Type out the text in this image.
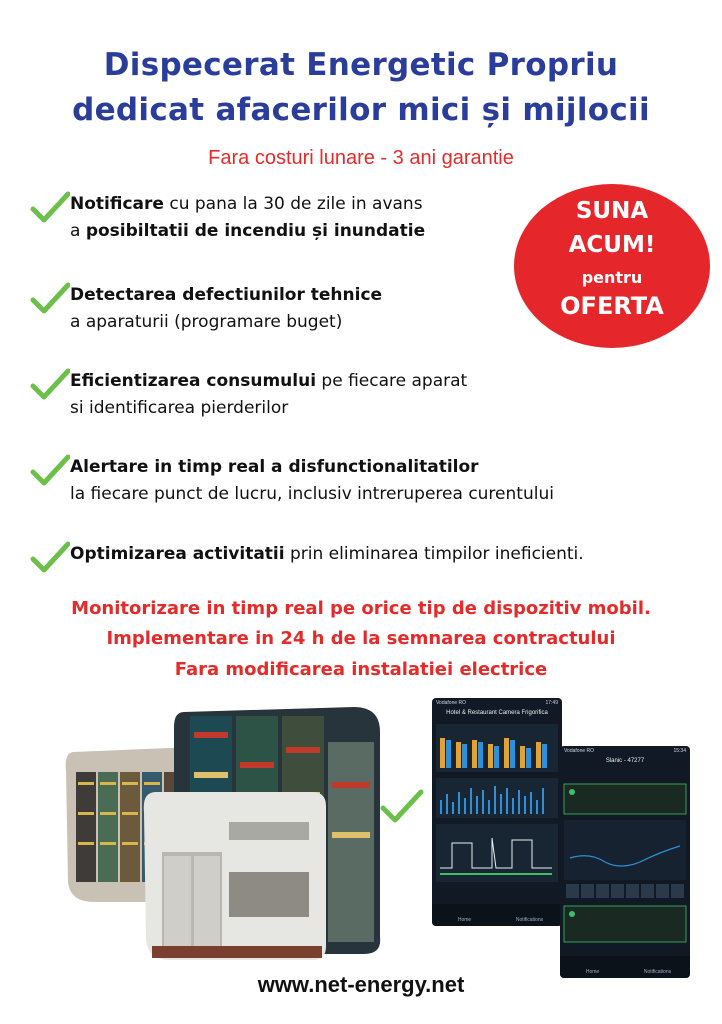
Dispecerat Energetic Propriu
dedicat afacerilor mici și mijlocii
Fara costuri lunare - 3 ani garantie
Notificare cu pana la 30 de zile in avans
a posibiltatii de incendiu și inundatie
Detectarea defectiunilor tehnice
a aparaturii (programare buget)
Eficientizarea consumului pe fiecare aparat
si identificarea pierderilor
Alertare in timp real a disfunctionalitatilor
la fiecare punct de lucru, inclusiv intreruperea curentului
Optimizarea activitatii prin eliminarea timpilor ineficienti.
SUNA
ACUM!
pentru
OFERTA
Monitorizare in timp real pe orice tip de dispozitiv mobil.
Implementare in 24 h de la semnarea contractului
Fara modificarea instalatiei electrice
Vodafone RO	17:49
Hotel & Restaurant Camera Frigorifica
Home	Notifications
Vodafone RO	15:34
Slanic - 47277
Home	Notifications
www.net-energy.net
